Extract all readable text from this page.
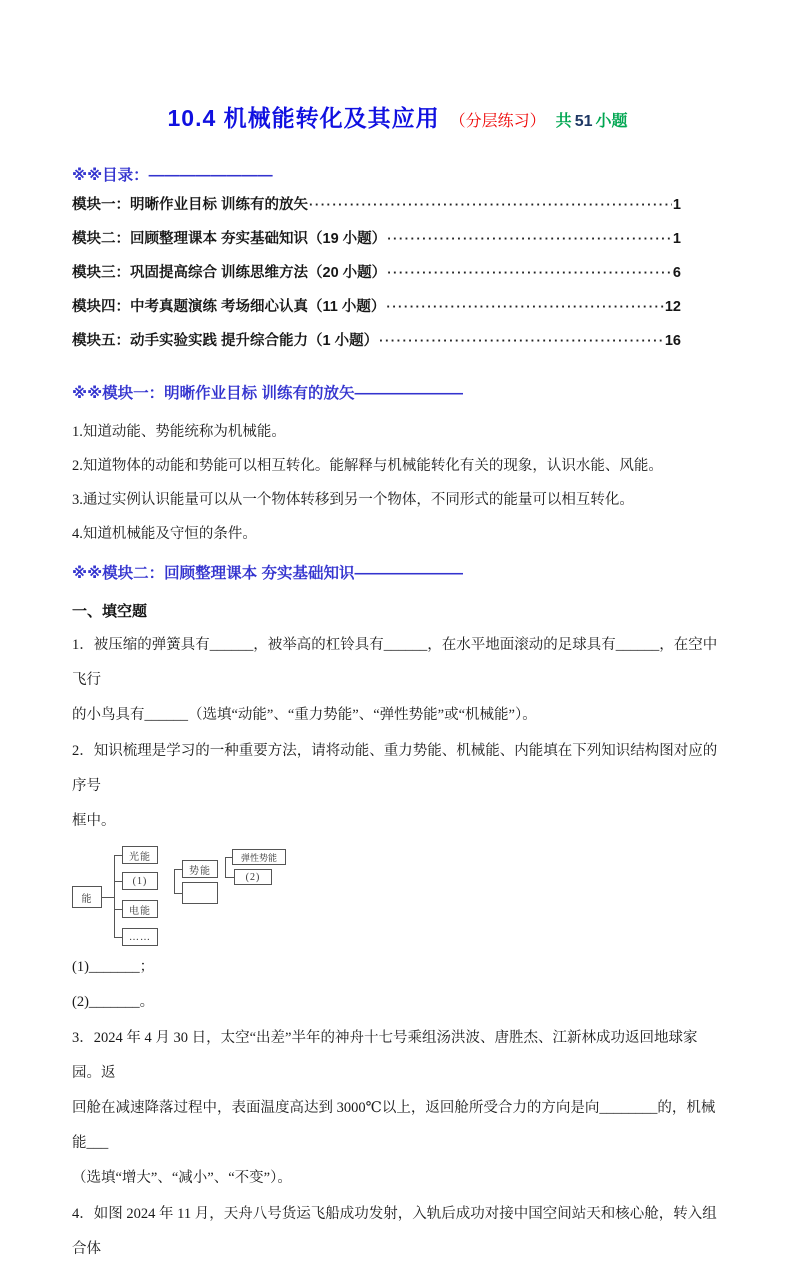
10.4 机械能转化及其应用 （分层练习） 共 51 小题
※※目录：————————
模块一：明晰作业目标 训练有的放矢 ·····	1
模块二：回顾整理课本 夯实基础知识（19 小题） ·····	1
模块三：巩固提高综合 训练思维方法（20 小题） ·····	6
模块四：中考真题演练 考场细心认真（11 小题） ·····	12
模块五：动手实验实践 提升综合能力（1 小题） ·····	16
※※模块一：明晰作业目标 训练有的放矢———————
1.知道动能、势能统称为机械能。
2.知道物体的动能和势能可以相互转化。能解释与机械能转化有关的现象，认识水能、风能。
3.通过实例认识能量可以从一个物体转移到另一个物体，不同形式的能量可以相互转化。
4.知道机械能及守恒的条件。
※※模块二：回顾整理课本 夯实基础知识———————
一、填空题
1．被压缩的弹簧具有______，被举高的杠铃具有______，在水平地面滚动的足球具有______，在空中飞行
的小鸟具有______（选填“动能”、“重力势能”、“弹性势能”或“机械能”）。
2．知识梳理是学习的一种重要方法，请将动能、重力势能、机械能、内能填在下列知识结构图对应的序号
框中。
能
光能
(1)
电能
……
势能
弹性势能
(2)
(1)_______；
(2)_______。
3．2024 年 4 月 30 日，太空“出差”半年的神舟十七号乘组汤洪波、唐胜杰、江新林成功返回地球家园。返
回舱在减速降落过程中，表面温度高达到 3000℃以上，返回舱所受合力的方向是向________的，机械能___
（选填“增大”、“减小”、“不变”）。
4．如图 2024 年 11 月，天舟八号货运飞船成功发射，入轨后成功对接中国空间站天和核心舱，转入组合体
